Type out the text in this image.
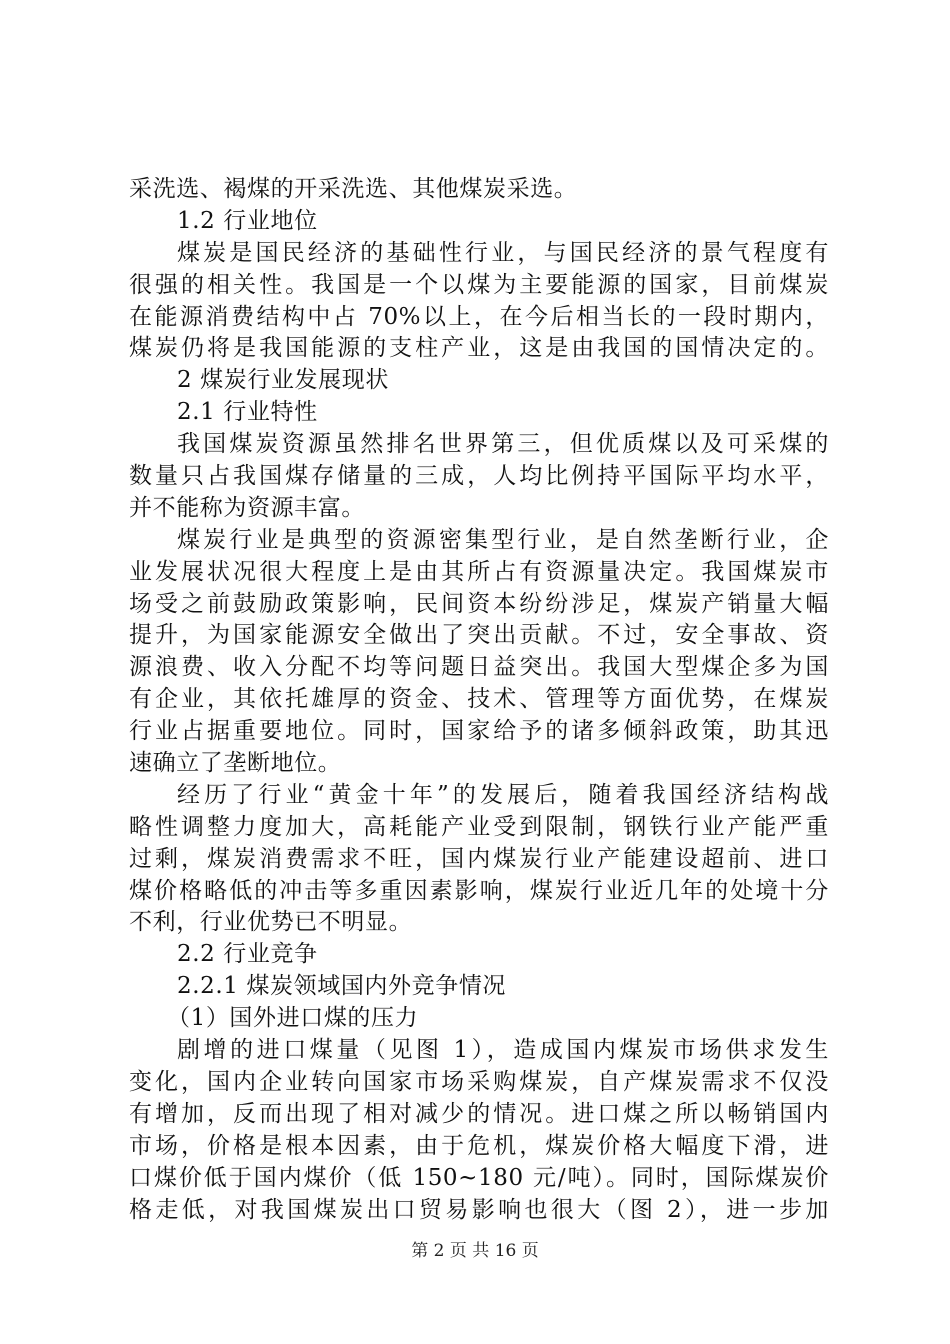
采洗选、褐煤的开采洗选、其他煤炭采选。
1.2 行业地位
煤炭是国民经济的基础性行业，与国民经济的景气程度有
很强的相关性。我国是一个以煤为主要能源的国家，目前煤炭
在能源消费结构中占 70%以上，在今后相当长的一段时期内，
煤炭仍将是我国能源的支柱产业，这是由我国的国情决定的。
2 煤炭行业发展现状
2.1 行业特性
我国煤炭资源虽然排名世界第三，但优质煤以及可采煤的
数量只占我国煤存储量的三成，人均比例持平国际平均水平，
并不能称为资源丰富。
煤炭行业是典型的资源密集型行业，是自然垄断行业，企
业发展状况很大程度上是由其所占有资源量决定。我国煤炭市
场受之前鼓励政策影响，民间资本纷纷涉足，煤炭产销量大幅
提升，为国家能源安全做出了突出贡献。不过，安全事故、资
源浪费、收入分配不均等问题日益突出。我国大型煤企多为国
有企业，其依托雄厚的资金、技术、管理等方面优势，在煤炭
行业占据重要地位。同时，国家给予的诸多倾斜政策，助其迅
速确立了垄断地位。
经历了行业“黄金十年”的发展后，随着我国经济结构战
略性调整力度加大，高耗能产业受到限制，钢铁行业产能严重
过剩，煤炭消费需求不旺，国内煤炭行业产能建设超前、进口
煤价格略低的冲击等多重因素影响，煤炭行业近几年的处境十分
不利，行业优势已不明显。
2.2 行业竞争
2.2.1 煤炭领域国内外竞争情况
（1）国外进口煤的压力
剧增的进口煤量（见图 1），造成国内煤炭市场供求发生
变化，国内企业转向国家市场采购煤炭，自产煤炭需求不仅没
有增加，反而出现了相对减少的情况。进口煤之所以畅销国内
市场，价格是根本因素，由于危机，煤炭价格大幅度下滑，进
口煤价低于国内煤价（低 150~180 元/吨）。同时，国际煤炭价
格走低，对我国煤炭出口贸易影响也很大（图 2），进一步加
第 2 页 共 16 页
